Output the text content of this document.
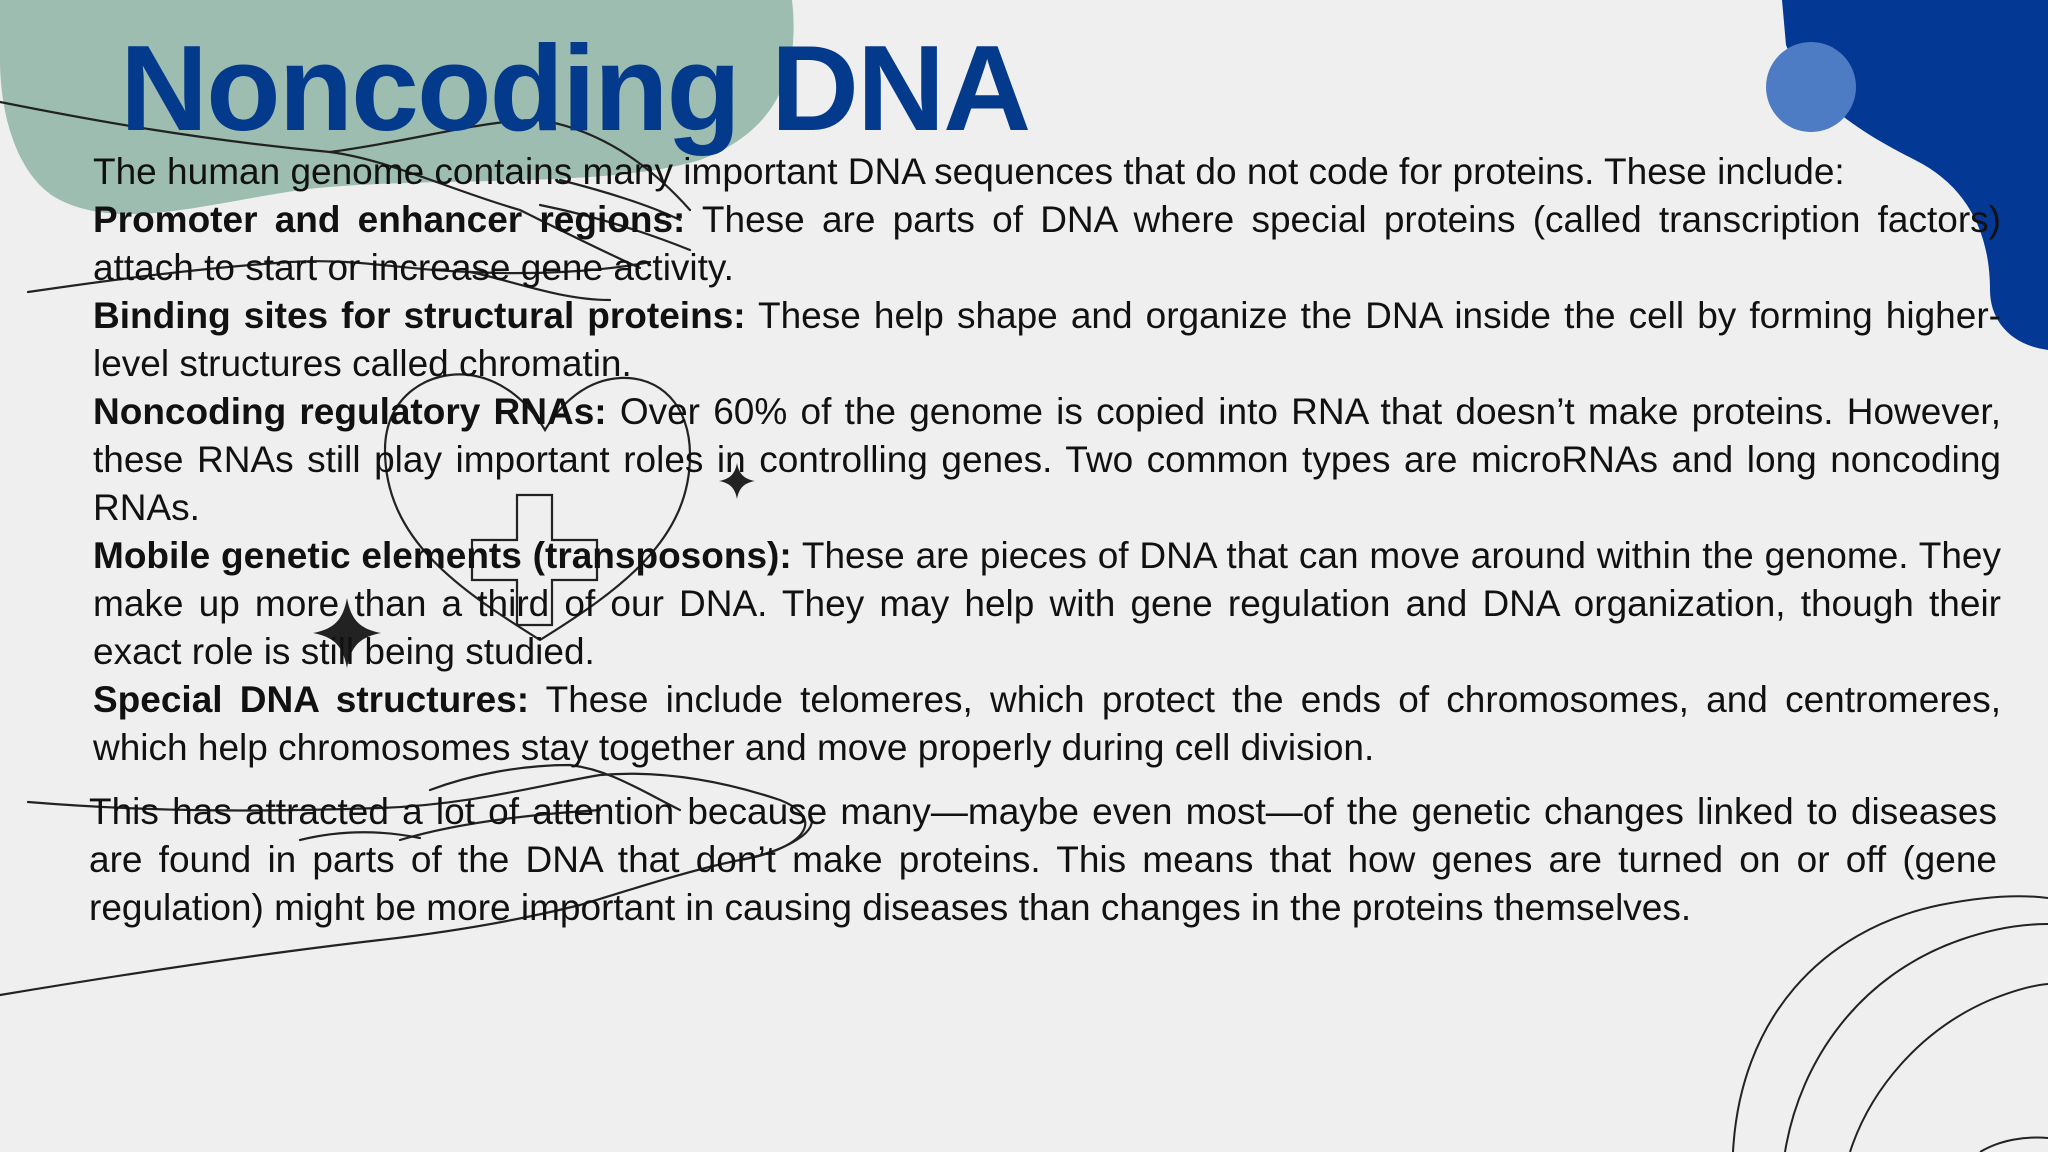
Noncoding DNA

The human genome contains many important DNA sequences that do not code for proteins. These include:

Promoter and enhancer regions: These are parts of DNA where special proteins (called transcription factors) attach to start or increase gene activity.

Binding sites for structural proteins: These help shape and organize the DNA inside the cell by forming higher-level structures called chromatin.

Noncoding regulatory RNAs: Over 60% of the genome is copied into RNA that doesn’t make proteins. However, these RNAs still play important roles in controlling genes. Two common types are microRNAs and long noncoding RNAs.

Mobile genetic elements (transposons): These are pieces of DNA that can move around within the genome. They make up more than a third of our DNA. They may help with gene regulation and DNA organization, though their exact role is still being studied.

Special DNA structures: These include telomeres, which protect the ends of chromosomes, and centromeres, which help chromosomes stay together and move properly during cell division.

This has attracted a lot of attention because many—maybe even most—of the genetic changes linked to diseases are found in parts of the DNA that don’t make proteins. This means that how genes are turned on or off (gene regulation) might be more important in causing diseases than changes in the proteins themselves.
